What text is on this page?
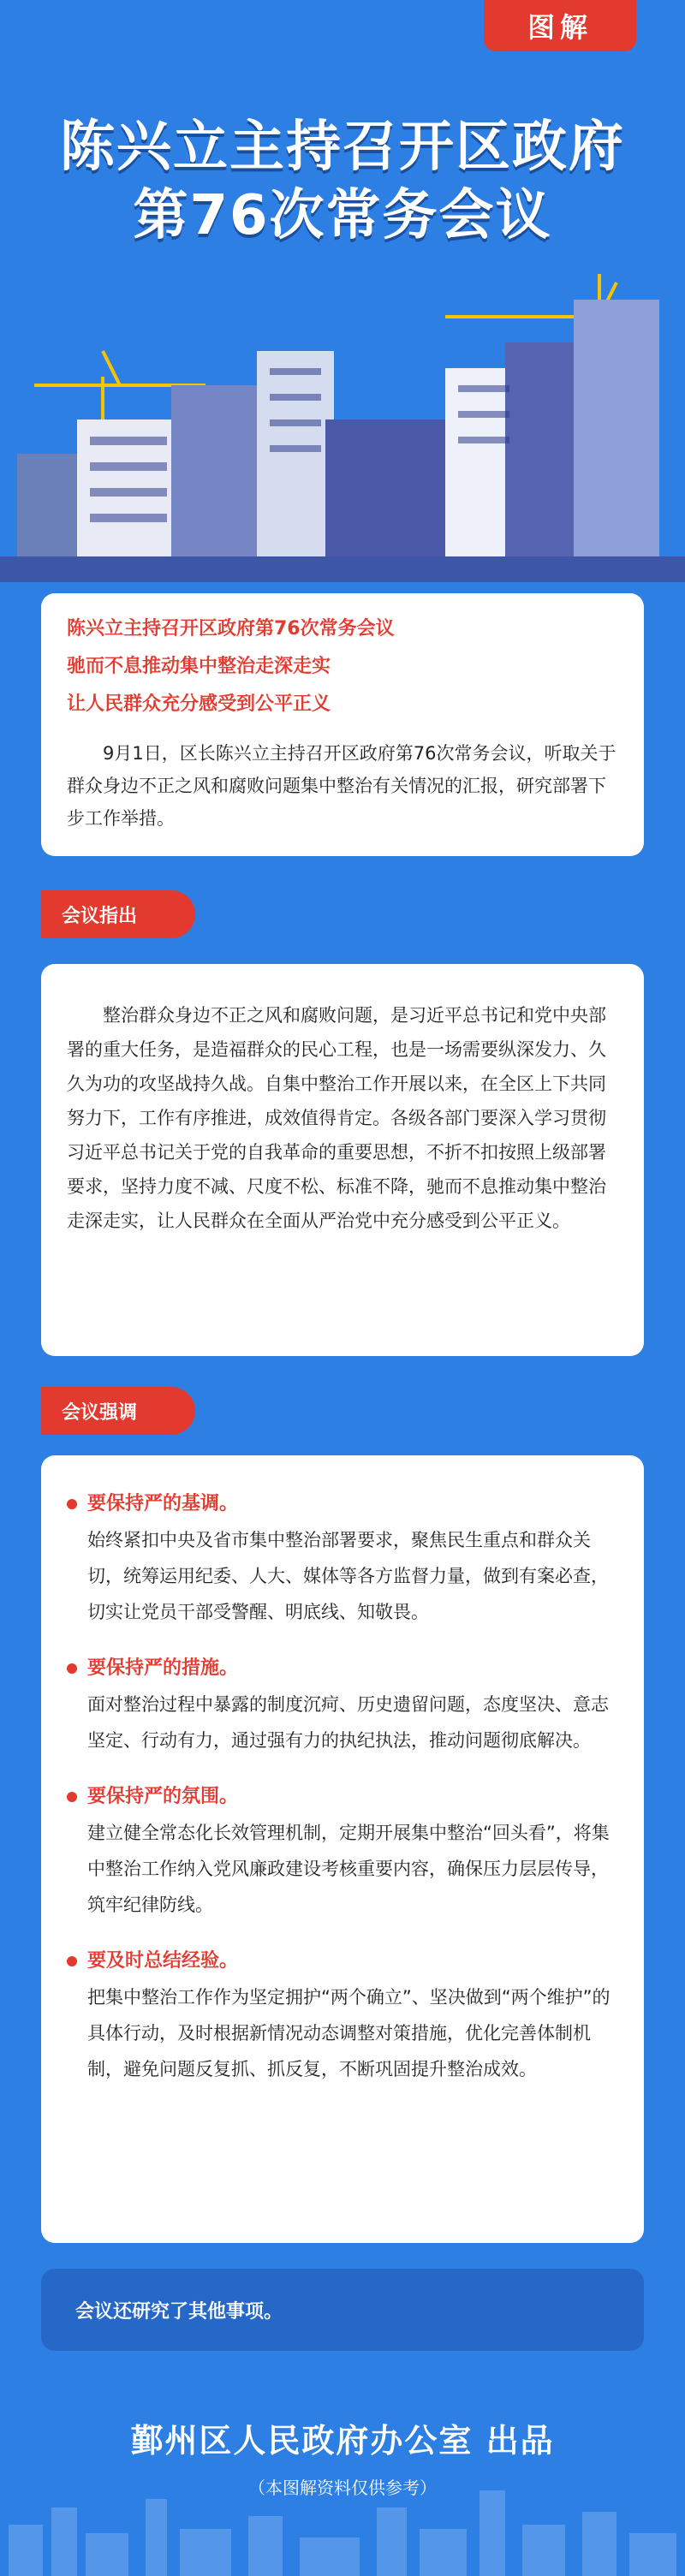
图解
陈兴立主持召开区政府
第76次常务会议
陈兴立主持召开区政府第76次常务会议
驰而不息推动集中整治走深走实
让人民群众充分感受到公平正义

9月1日，区长陈兴立主持召开区政府第76次常务会议，听取关于群众身边不正之风和腐败问题集中整治有关情况的汇报，研究部署下步工作举措。

会议指出

整治群众身边不正之风和腐败问题，是习近平总书记和党中央部署的重大任务，是造福群众的民心工程，也是一场需要纵深发力、久久为功的攻坚战持久战。自集中整治工作开展以来，在全区上下共同努力下，工作有序推进，成效值得肯定。各级各部门要深入学习贯彻习近平总书记关于党的自我革命的重要思想，不折不扣按照上级部署要求，坚持力度不减、尺度不松、标准不降，驰而不息推动集中整治走深走实，让人民群众在全面从严治党中充分感受到公平正义。

会议强调
要保持严的基调。
始终紧扣中央及省市集中整治部署要求，聚焦民生重点和群众关切，统筹运用纪委、人大、媒体等各方监督力量，做到有案必查，切实让党员干部受警醒、明底线、知敬畏。
要保持严的措施。
面对整治过程中暴露的制度沉疴、历史遗留问题，态度坚决、意志坚定、行动有力，通过强有力的执纪执法，推动问题彻底解决。
要保持严的氛围。
建立健全常态化长效管理机制，定期开展集中整治“回头看”，将集中整治工作纳入党风廉政建设考核重要内容，确保压力层层传导，筑牢纪律防线。
要及时总结经验。
把集中整治工作作为坚定拥护“两个确立”、坚决做到“两个维护”的具体行动，及时根据新情况动态调整对策措施，优化完善体制机制，避免问题反复抓、抓反复，不断巩固提升整治成效。
会议还研究了其他事项。
鄞州区人民政府办公室 出品
（本图解资料仅供参考）
